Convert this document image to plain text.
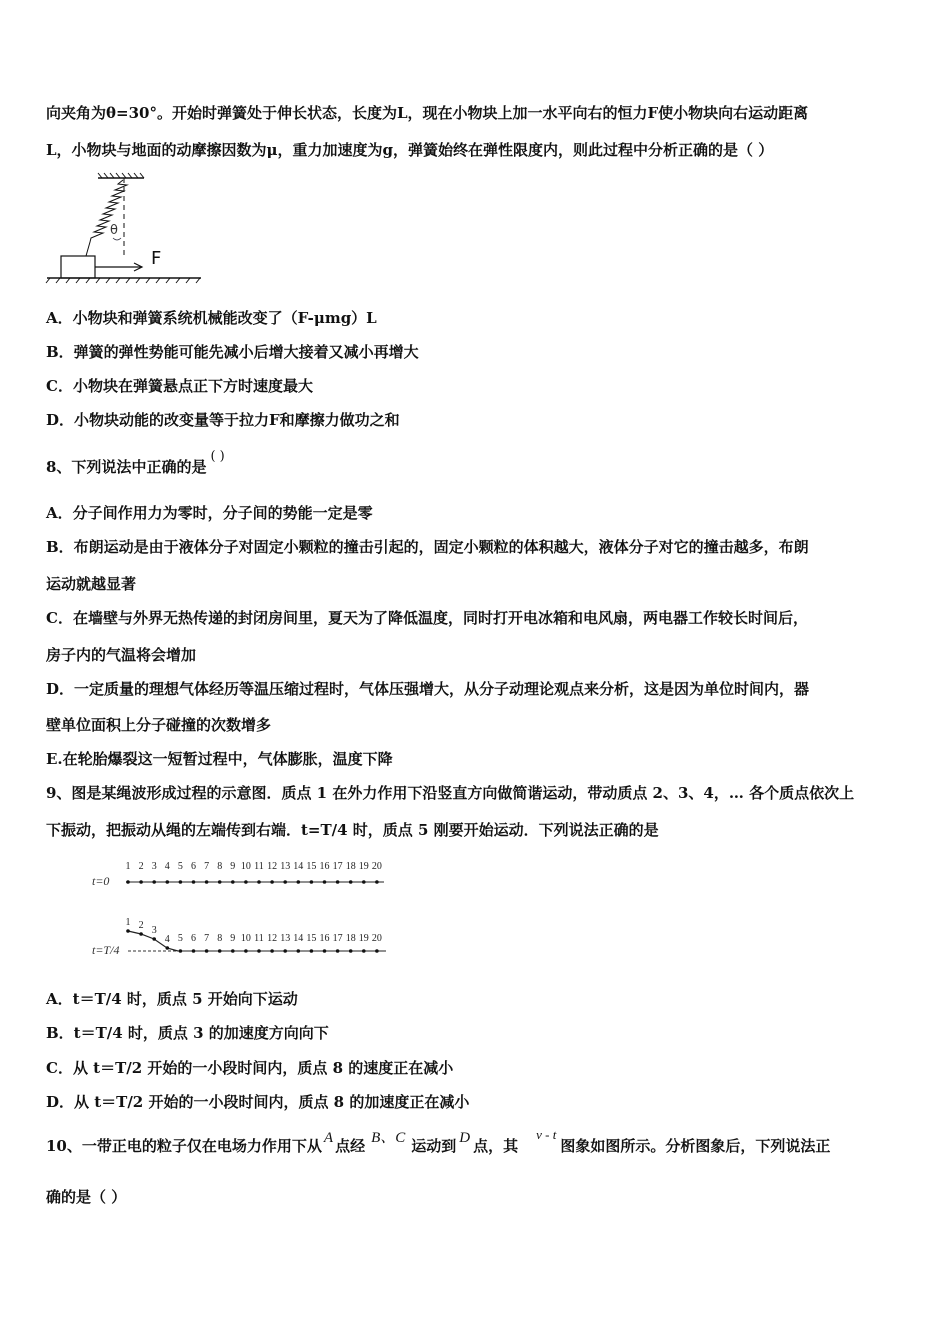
向夹角为θ=30°。开始时弹簧处于伸长状态，长度为L，现在小物块上加一水平向右的恒力F使小物块向右运动距离
L，小物块与地面的动摩擦因数为μ，重力加速度为g，弹簧始终在弹性限度内，则此过程中分析正确的是（ ）
θ
F
A．小物块和弹簧系统机械能改变了（F-μmg）L
B．弹簧的弹性势能可能先减小后增大接着又减小再增大
C．小物块在弹簧悬点正下方时速度最大
D．小物块动能的改变量等于拉力F和摩擦力做功之和
8、下列说法中正确的是( )
A．分子间作用力为零时，分子间的势能一定是零
B．布朗运动是由于液体分子对固定小颗粒的撞击引起的，固定小颗粒的体积越大，液体分子对它的撞击越多，布朗
运动就越显著
C．在墙壁与外界无热传递的封闭房间里，夏天为了降低温度，同时打开电冰箱和电风扇，两电器工作较长时间后，
房子内的气温将会增加
D．一定质量的理想气体经历等温压缩过程时，气体压强增大，从分子动理论观点来分析，这是因为单位时间内，器
壁单位面积上分子碰撞的次数增多
E.在轮胎爆裂这一短暂过程中，气体膨胀，温度下降
9、图是某绳波形成过程的示意图．质点 1 在外力作用下沿竖直方向做简谐运动，带动质点 2、3、4，… 各个质点依次上
下振动，把振动从绳的左端传到右端．t=T/4 时，质点 5 刚要开始运动．下列说法正确的是
t=0
t=T/4
1 2 3 4 5 6 7 8 9 10 11 12 13 14 15 16 17 18 19 20
1 2 3
4 5 6 7 8 9 10 11 12 13 14 15 16 17 18 19 20
A．t＝T/4 时，质点 5 开始向下运动
B．t＝T/4 时，质点 3 的加速度方向向下
C．从 t＝T/2 开始的一小段时间内，质点 8 的速度正在减小
D．从 t＝T/2 开始的一小段时间内，质点 8 的加速度正在减小
10、一带正电的粒子仅在电场力作用下从 A 点经 B、C 运动到 D 点，其v - t图象如图所示。分析图象后，下列说法正
确的是（ ）
